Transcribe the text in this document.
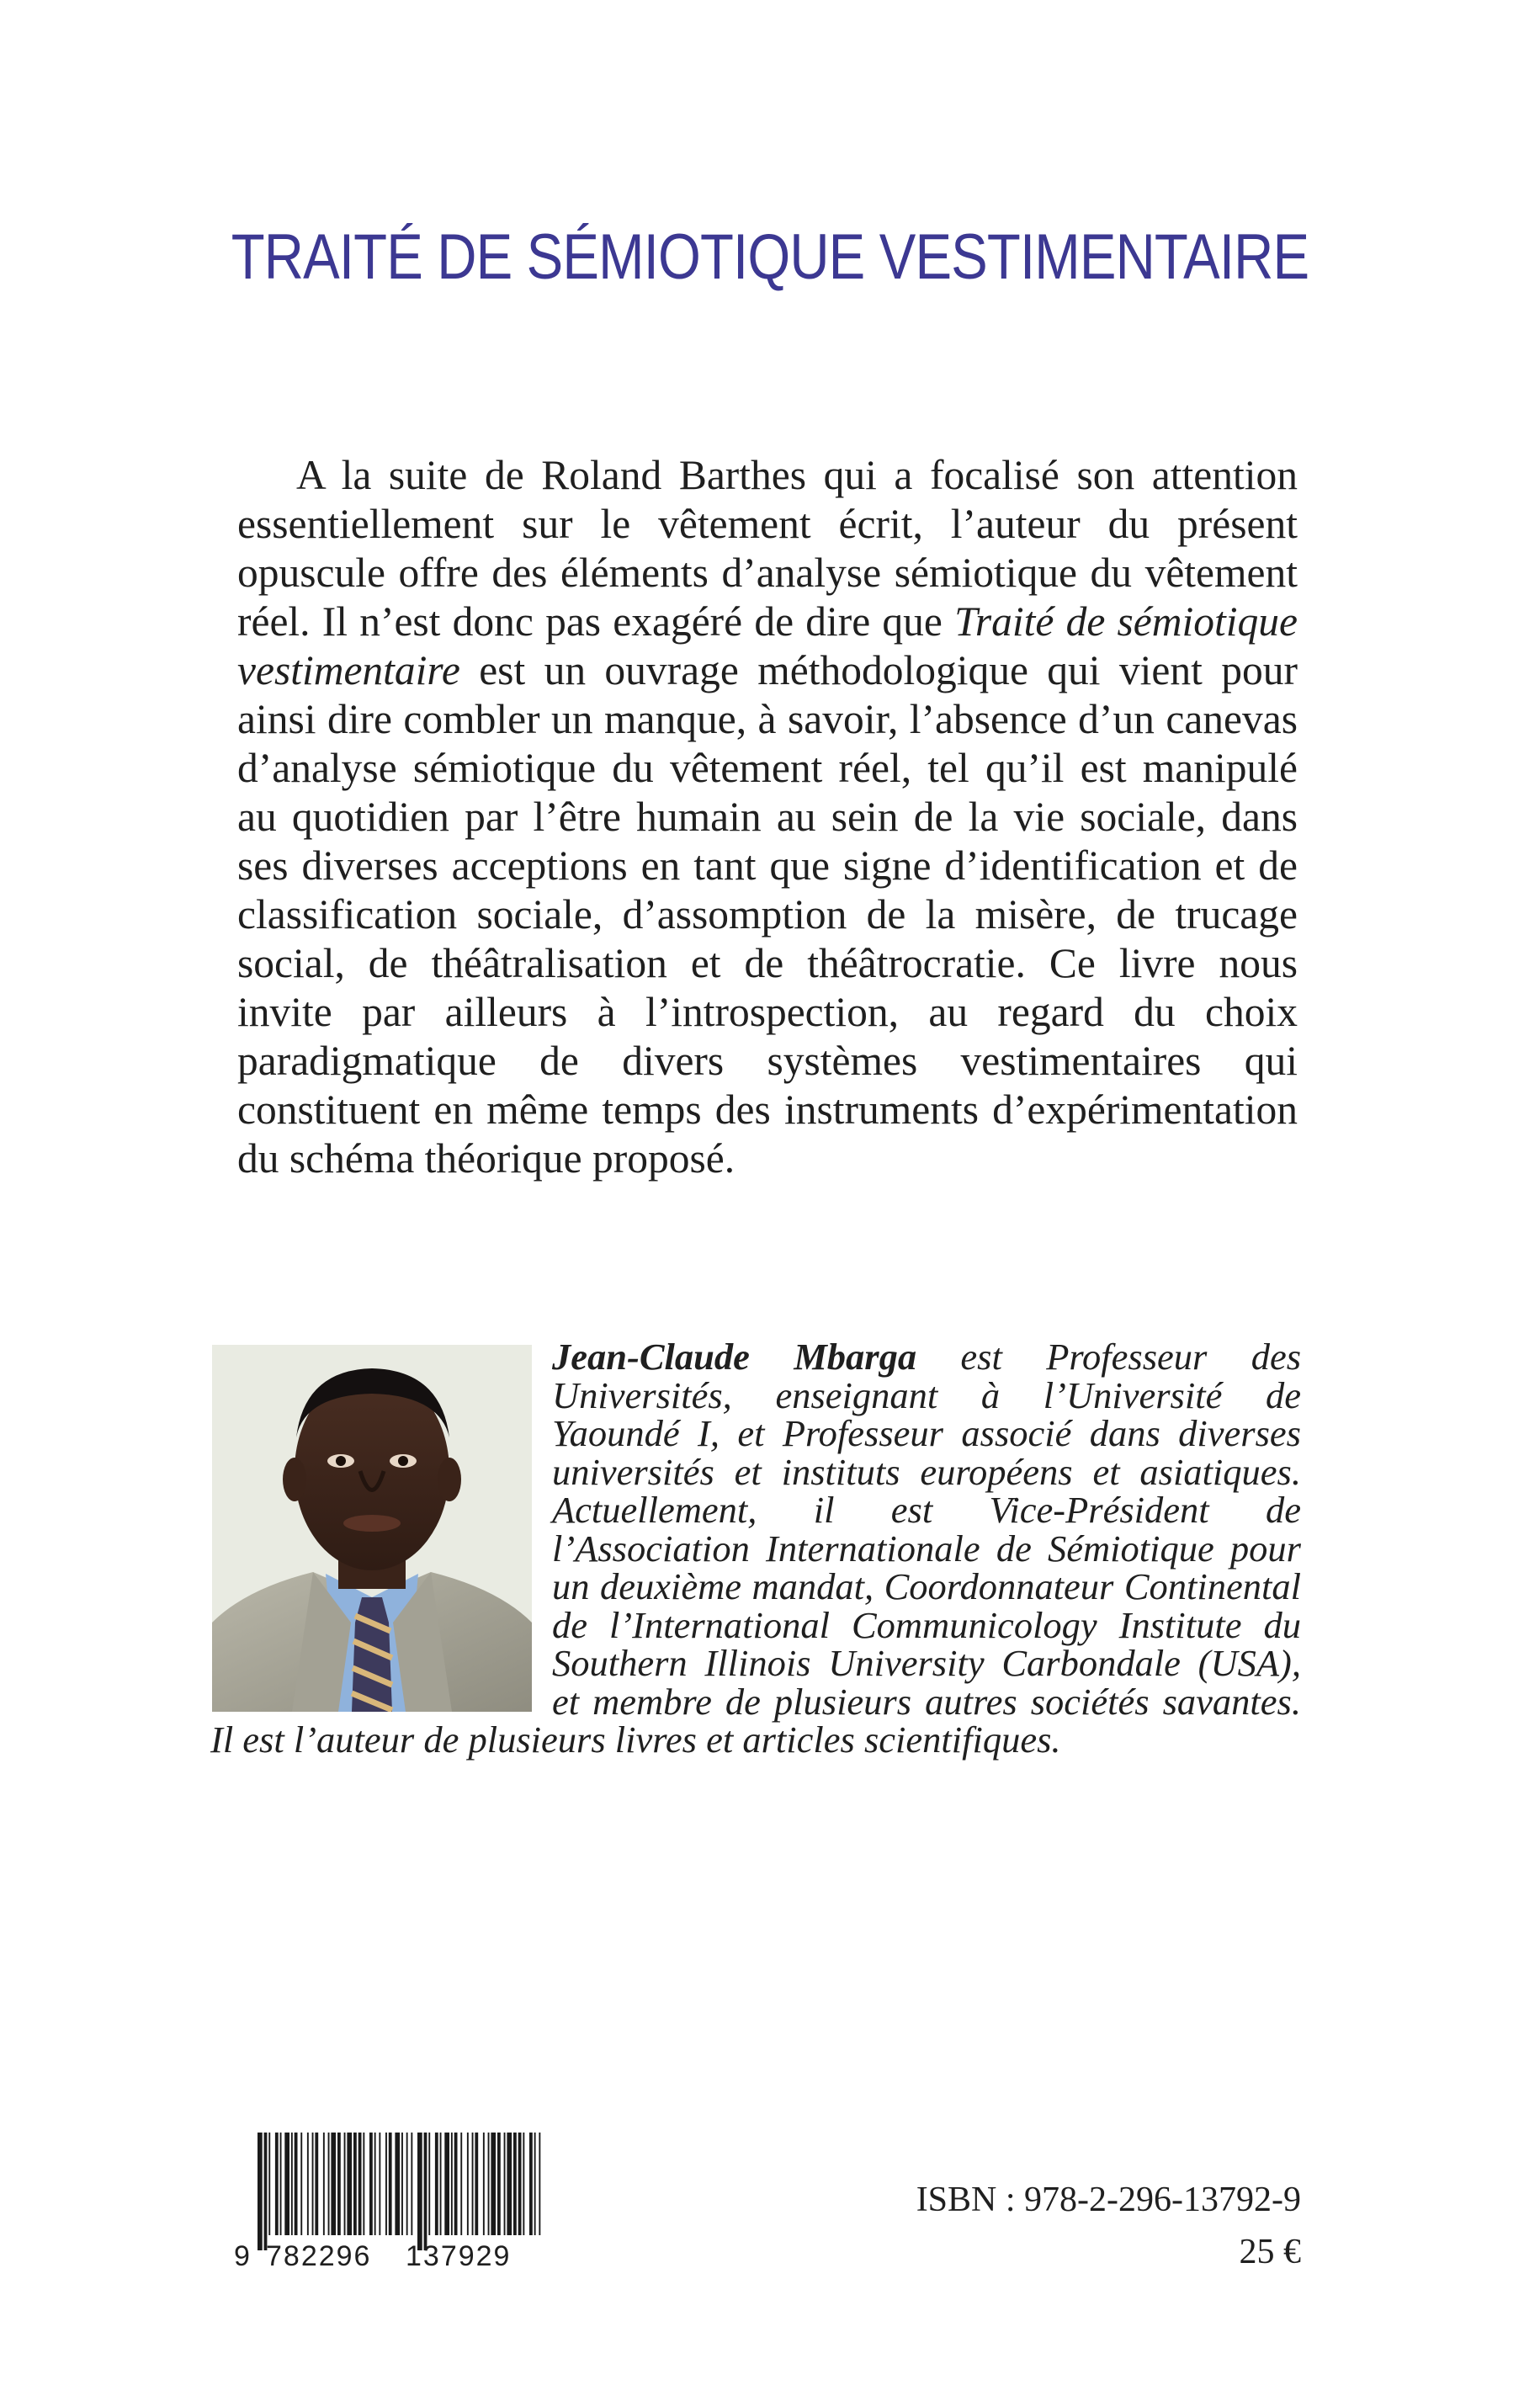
TRAITÉ DE SÉMIOTIQUE VESTIMENTAIRE

A la suite de Roland Barthes qui a focalisé son attention essentiellement sur le vêtement écrit, l’auteur du présent opuscule offre des éléments d’analyse sémiotique du vêtement réel. Il n’est donc pas exagéré de dire que Traité de sémiotique vestimentaire est un ouvrage méthodologique qui vient pour ainsi dire combler un manque, à savoir, l’absence d’un canevas d’analyse sémiotique du vêtement réel, tel qu’il est manipulé au quotidien par l’être humain au sein de la vie sociale, dans ses diverses acceptions en tant que signe d’identification et de classification sociale, d’assomption de la misère, de trucage social, de théâtralisation et de théâtrocratie. Ce livre nous invite par ailleurs à l’introspection, au regard du choix paradigmatique de divers systèmes vestimentaires qui constituent en même temps des instruments d’expérimentation du schéma théorique proposé.

Jean-Claude Mbarga est Professeur des Universités, enseignant à l’Université de Yaoundé I, et Professeur associé dans diverses universités et instituts européens et asiatiques. Actuellement, il est Vice-Président de l’Association Internationale de Sémiotique pour un deuxième mandat, Coordonnateur Continental de l’International Communicology Institute du Southern Illinois University Carbondale (USA), et membre de plusieurs autres sociétés savantes. Il est l’auteur de plusieurs livres et articles scientifiques.

9 782296 137929
ISBN : 978-2-296-13792-9
25 €
